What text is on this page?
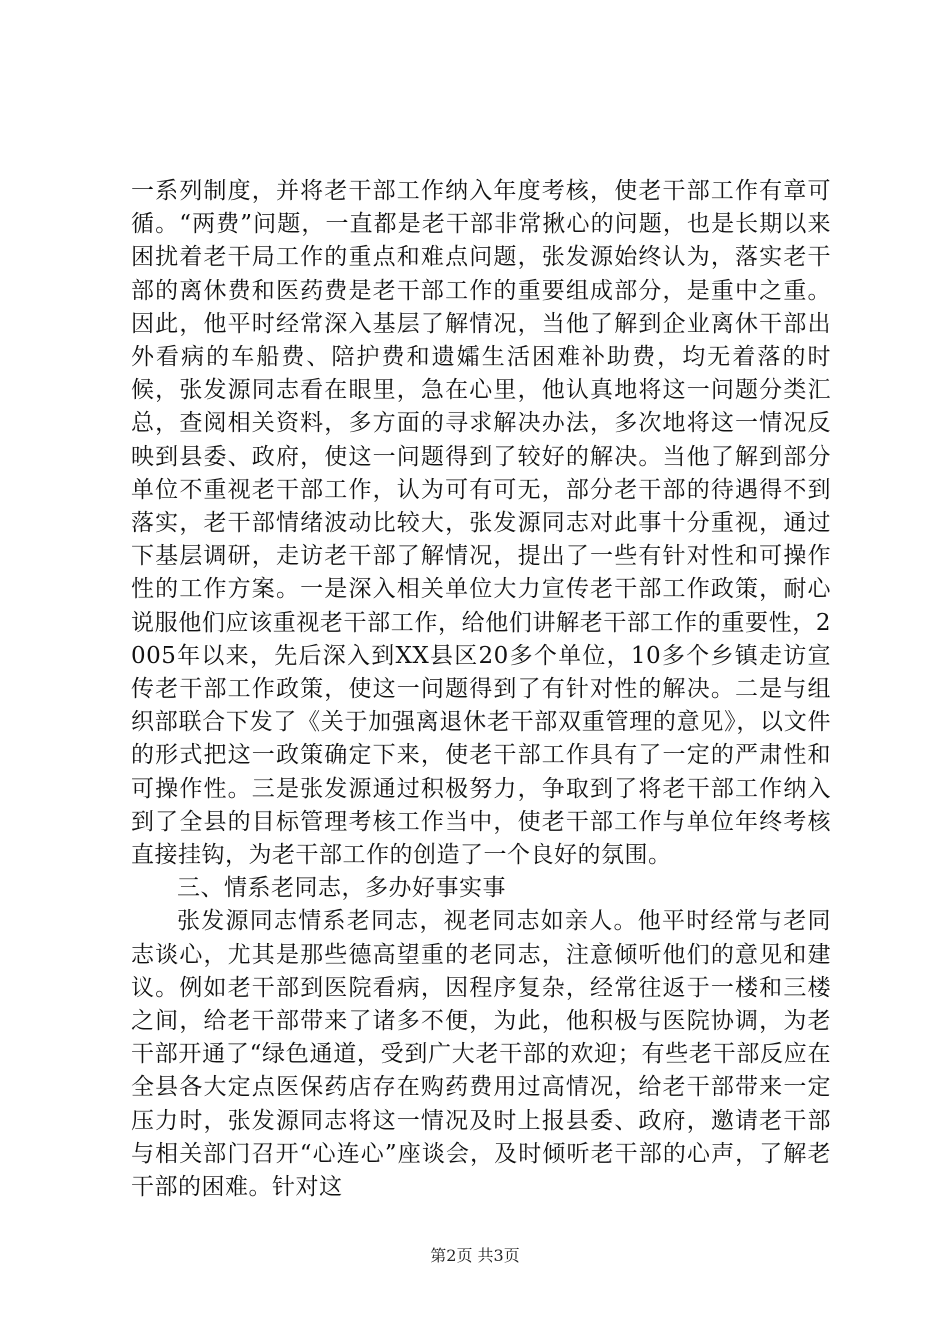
一系列制度，并将老干部工作纳入年度考核，使老干部工作有章可循。“两费”问题，一直都是老干部非常揪心的问题，也是长期以来困扰着老干局工作的重点和难点问题，张发源始终认为，落实老干部的离休费和医药费是老干部工作的重要组成部分，是重中之重。因此，他平时经常深入基层了解情况，当他了解到企业离休干部出外看病的车船费、陪护费和遗孀生活困难补助费，均无着落的时候，张发源同志看在眼里，急在心里，他认真地将这一问题分类汇总，查阅相关资料，多方面的寻求解决办法，多次地将这一情况反映到县委、政府，使这一问题得到了较好的解决。当他了解到部分单位不重视老干部工作，认为可有可无，部分老干部的待遇得不到落实，老干部情绪波动比较大，张发源同志对此事十分重视，通过下基层调研，走访老干部了解情况，提出了一些有针对性和可操作性的工作方案。一是深入相关单位大力宣传老干部工作政策，耐心说服他们应该重视老干部工作，给他们讲解老干部工作的重要性，2005年以来，先后深入到XX县区20多个单位，10多个乡镇走访宣传老干部工作政策，使这一问题得到了有针对性的解决。二是与组织部联合下发了《关于加强离退休老干部双重管理的意见》，以文件的形式把这一政策确定下来，使老干部工作具有了一定的严肃性和可操作性。三是张发源通过积极努力，争取到了将老干部工作纳入到了全县的目标管理考核工作当中，使老干部工作与单位年终考核直接挂钩，为老干部工作的创造了一个良好的氛围。

三、情系老同志，多办好事实事

张发源同志情系老同志，视老同志如亲人。他平时经常与老同志谈心，尤其是那些德高望重的老同志，注意倾听他们的意见和建议。例如老干部到医院看病，因程序复杂，经常往返于一楼和三楼之间，给老干部带来了诸多不便，为此，他积极与医院协调，为老干部开通了“绿色通道，受到广大老干部的欢迎；有些老干部反应在全县各大定点医保药店存在购药费用过高情况，给老干部带来一定压力时，张发源同志将这一情况及时上报县委、政府，邀请老干部与相关部门召开“心连心”座谈会，及时倾听老干部的心声，了解老干部的困难。针对这

第2页 共3页
